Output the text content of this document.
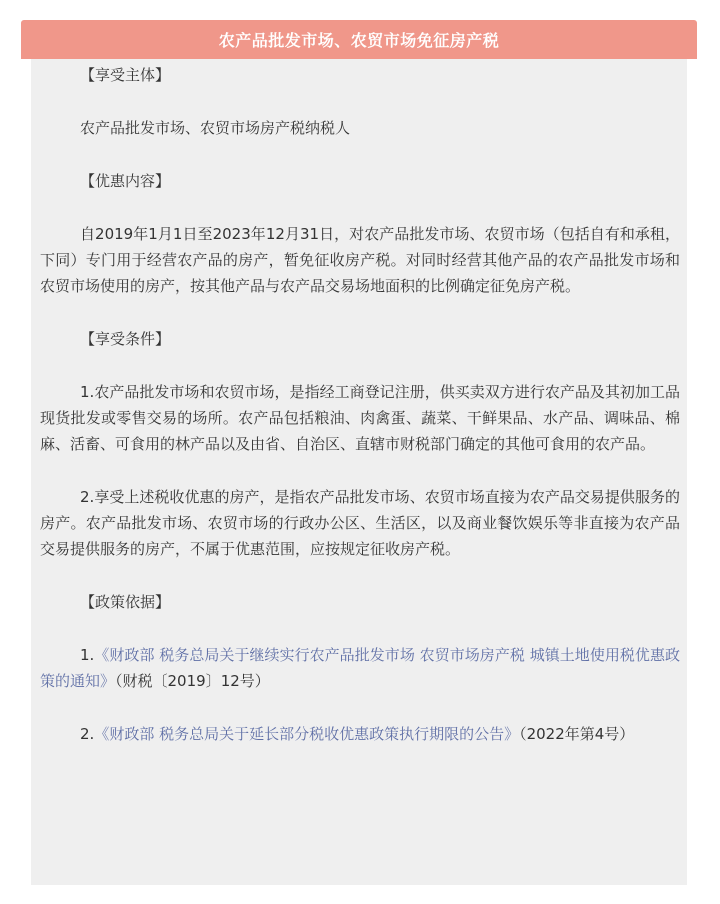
农产品批发市场、农贸市场免征房产税

【享受主体】

农产品批发市场、农贸市场房产税纳税人

【优惠内容】

自2019年1月1日至2023年12月31日，对农产品批发市场、农贸市场（包括自有和承租，下同）专门用于经营农产品的房产，暂免征收房产税。对同时经营其他产品的农产品批发市场和农贸市场使用的房产，按其他产品与农产品交易场地面积的比例确定征免房产税。

【享受条件】

1.农产品批发市场和农贸市场，是指经工商登记注册，供买卖双方进行农产品及其初加工品现货批发或零售交易的场所。农产品包括粮油、肉禽蛋、蔬菜、干鲜果品、水产品、调味品、棉麻、活畜、可食用的林产品以及由省、自治区、直辖市财税部门确定的其他可食用的农产品。

2.享受上述税收优惠的房产，是指农产品批发市场、农贸市场直接为农产品交易提供服务的房产。农产品批发市场、农贸市场的行政办公区、生活区，以及商业餐饮娱乐等非直接为农产品交易提供服务的房产，不属于优惠范围，应按规定征收房产税。

【政策依据】

1.《财政部 税务总局关于继续实行农产品批发市场 农贸市场房产税 城镇土地使用税优惠政策的通知》（财税〔2019〕12号）

2.《财政部 税务总局关于延长部分税收优惠政策执行期限的公告》（2022年第4号）
